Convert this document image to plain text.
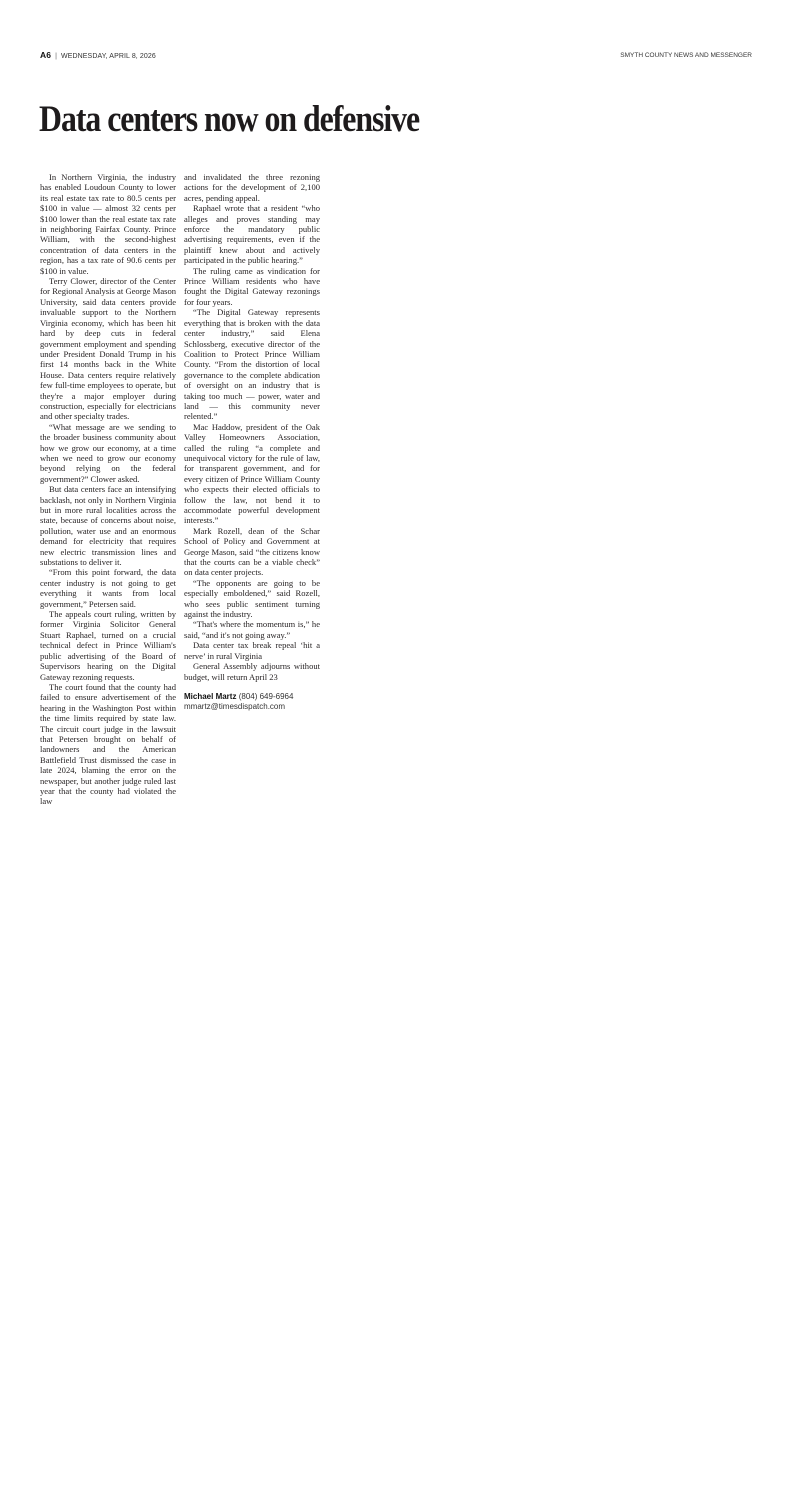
A6 | WEDNESDAY, APRIL 8, 2026	SMYTH COUNTY NEWS AND MESSENGER
Data centers now on defensive

In Northern Virginia, the industry has enabled Loudoun County to lower its real estate tax rate to 80.5 cents per $100 in value — almost 32 cents per $100 lower than the real estate tax rate in neighboring Fairfax County. Prince William, with the second-highest concentration of data centers in the region, has a tax rate of 90.6 cents per $100 in value.

Terry Clower, director of the Center for Regional Analysis at George Mason University, said data centers provide invaluable support to the Northern Virginia economy, which has been hit hard by deep cuts in federal government employment and spending under President Donald Trump in his first 14 months back in the White House. Data centers require relatively few full-time employees to operate, but they're a major employer during construction, especially for electricians and other specialty trades.

“What message are we sending to the broader business community about how we grow our economy, at a time when we need to grow our economy beyond relying on the federal government?” Clower asked.

But data centers face an intensifying backlash, not only in Northern Virginia but in more rural localities across the state, because of concerns about noise, pollution, water use and an enormous demand for electricity that requires new electric transmission lines and substations to deliver it.

“From this point forward, the data center industry is not going to get everything it wants from local government,” Petersen said.

The appeals court ruling, written by former Virginia Solicitor General Stuart Raphael, turned on a crucial technical defect in Prince William's public advertising of the Board of Supervisors hearing on the Digital Gateway rezoning requests.

The court found that the county had failed to ensure advertisement of the hearing in the Washington Post within the time limits required by state law. The circuit court judge in the lawsuit that Petersen brought on behalf of landowners and the American Battlefield Trust dismissed the case in late 2024, blaming the error on the newspaper, but another judge ruled last year that the county had violated the law

and invalidated the three rezoning actions for the development of 2,100 acres, pending appeal.

Raphael wrote that a resident “who alleges and proves standing may enforce the mandatory public advertising requirements, even if the plaintiff knew about and actively participated in the public hearing.”

The ruling came as vindication for Prince William residents who have fought the Digital Gateway rezonings for four years.

“The Digital Gateway represents everything that is broken with the data center industry,” said Elena Schlossberg, executive director of the Coalition to Protect Prince William County. “From the distortion of local governance to the complete abdication of oversight on an industry that is taking too much — power, water and land — this community never relented.”

Mac Haddow, president of the Oak Valley Homeowners Association, called the ruling “a complete and unequivocal victory for the rule of law, for transparent government, and for every citizen of Prince William County who expects their elected officials to follow the law, not bend it to accommodate powerful development interests.”

Mark Rozell, dean of the Schar School of Policy and Government at George Mason, said “the citizens know that the courts can be a viable check” on data center projects.

“The opponents are going to be especially emboldened,” said Rozell, who sees public sentiment turning against the industry.

“That's where the momentum is,” he said, “and it's not going away.”

Data center tax break repeal ‘hit a nerve’ in rural Virginia

General Assembly adjourns without budget, will return April 23

Michael Martz (804) 649-6964
mmartz@timesdispatch.com
